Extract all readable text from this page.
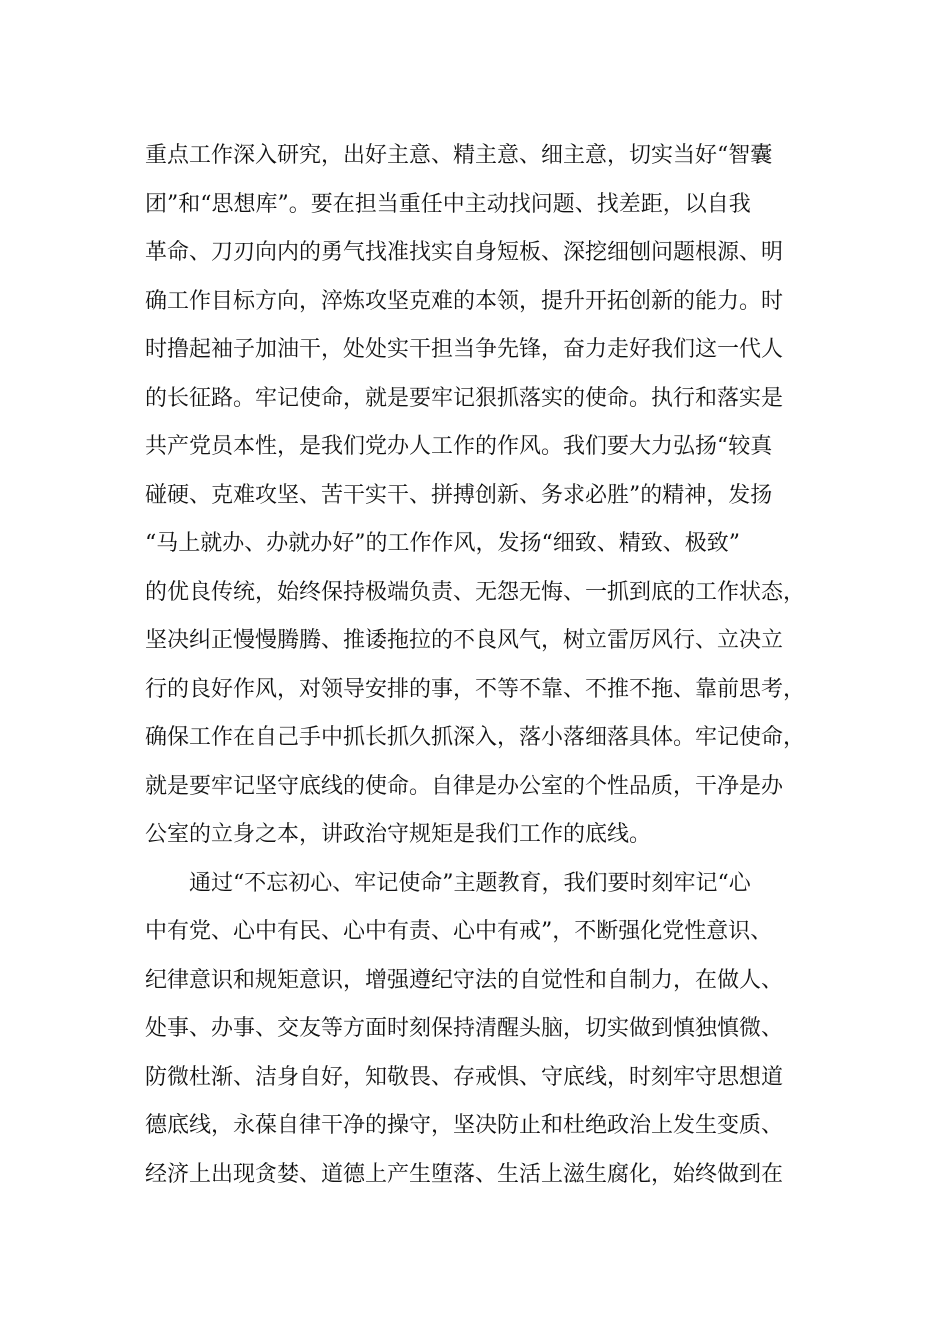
重点工作深入研究，出好主意、精主意、细主意，切实当好“智囊
团”和“思想库”。要在担当重任中主动找问题、找差距，以自我
革命、刀刃向内的勇气找准找实自身短板、深挖细刨问题根源、明
确工作目标方向，淬炼攻坚克难的本领，提升开拓创新的能力。时
时撸起袖子加油干，处处实干担当争先锋，奋力走好我们这一代人
的长征路。牢记使命，就是要牢记狠抓落实的使命。执行和落实是
共产党员本性，是我们党办人工作的作风。我们要大力弘扬“较真
碰硬、克难攻坚、苦干实干、拼搏创新、务求必胜”的精神，发扬
“马上就办、办就办好”的工作作风，发扬“细致、精致、极致”
的优良传统，始终保持极端负责、无怨无悔、一抓到底的工作状态，
坚决纠正慢慢腾腾、推诿拖拉的不良风气，树立雷厉风行、立决立
行的良好作风，对领导安排的事，不等不靠、不推不拖、靠前思考，
确保工作在自己手中抓长抓久抓深入，落小落细落具体。牢记使命，
就是要牢记坚守底线的使命。自律是办公室的个性品质，干净是办
公室的立身之本，讲政治守规矩是我们工作的底线。
通过“不忘初心、牢记使命”主题教育，我们要时刻牢记“心
中有党、心中有民、心中有责、心中有戒”，不断强化党性意识、
纪律意识和规矩意识，增强遵纪守法的自觉性和自制力，在做人、
处事、办事、交友等方面时刻保持清醒头脑，切实做到慎独慎微、
防微杜渐、洁身自好，知敬畏、存戒惧、守底线，时刻牢守思想道
德底线，永葆自律干净的操守，坚决防止和杜绝政治上发生变质、
经济上出现贪婪、道德上产生堕落、生活上滋生腐化，始终做到在
